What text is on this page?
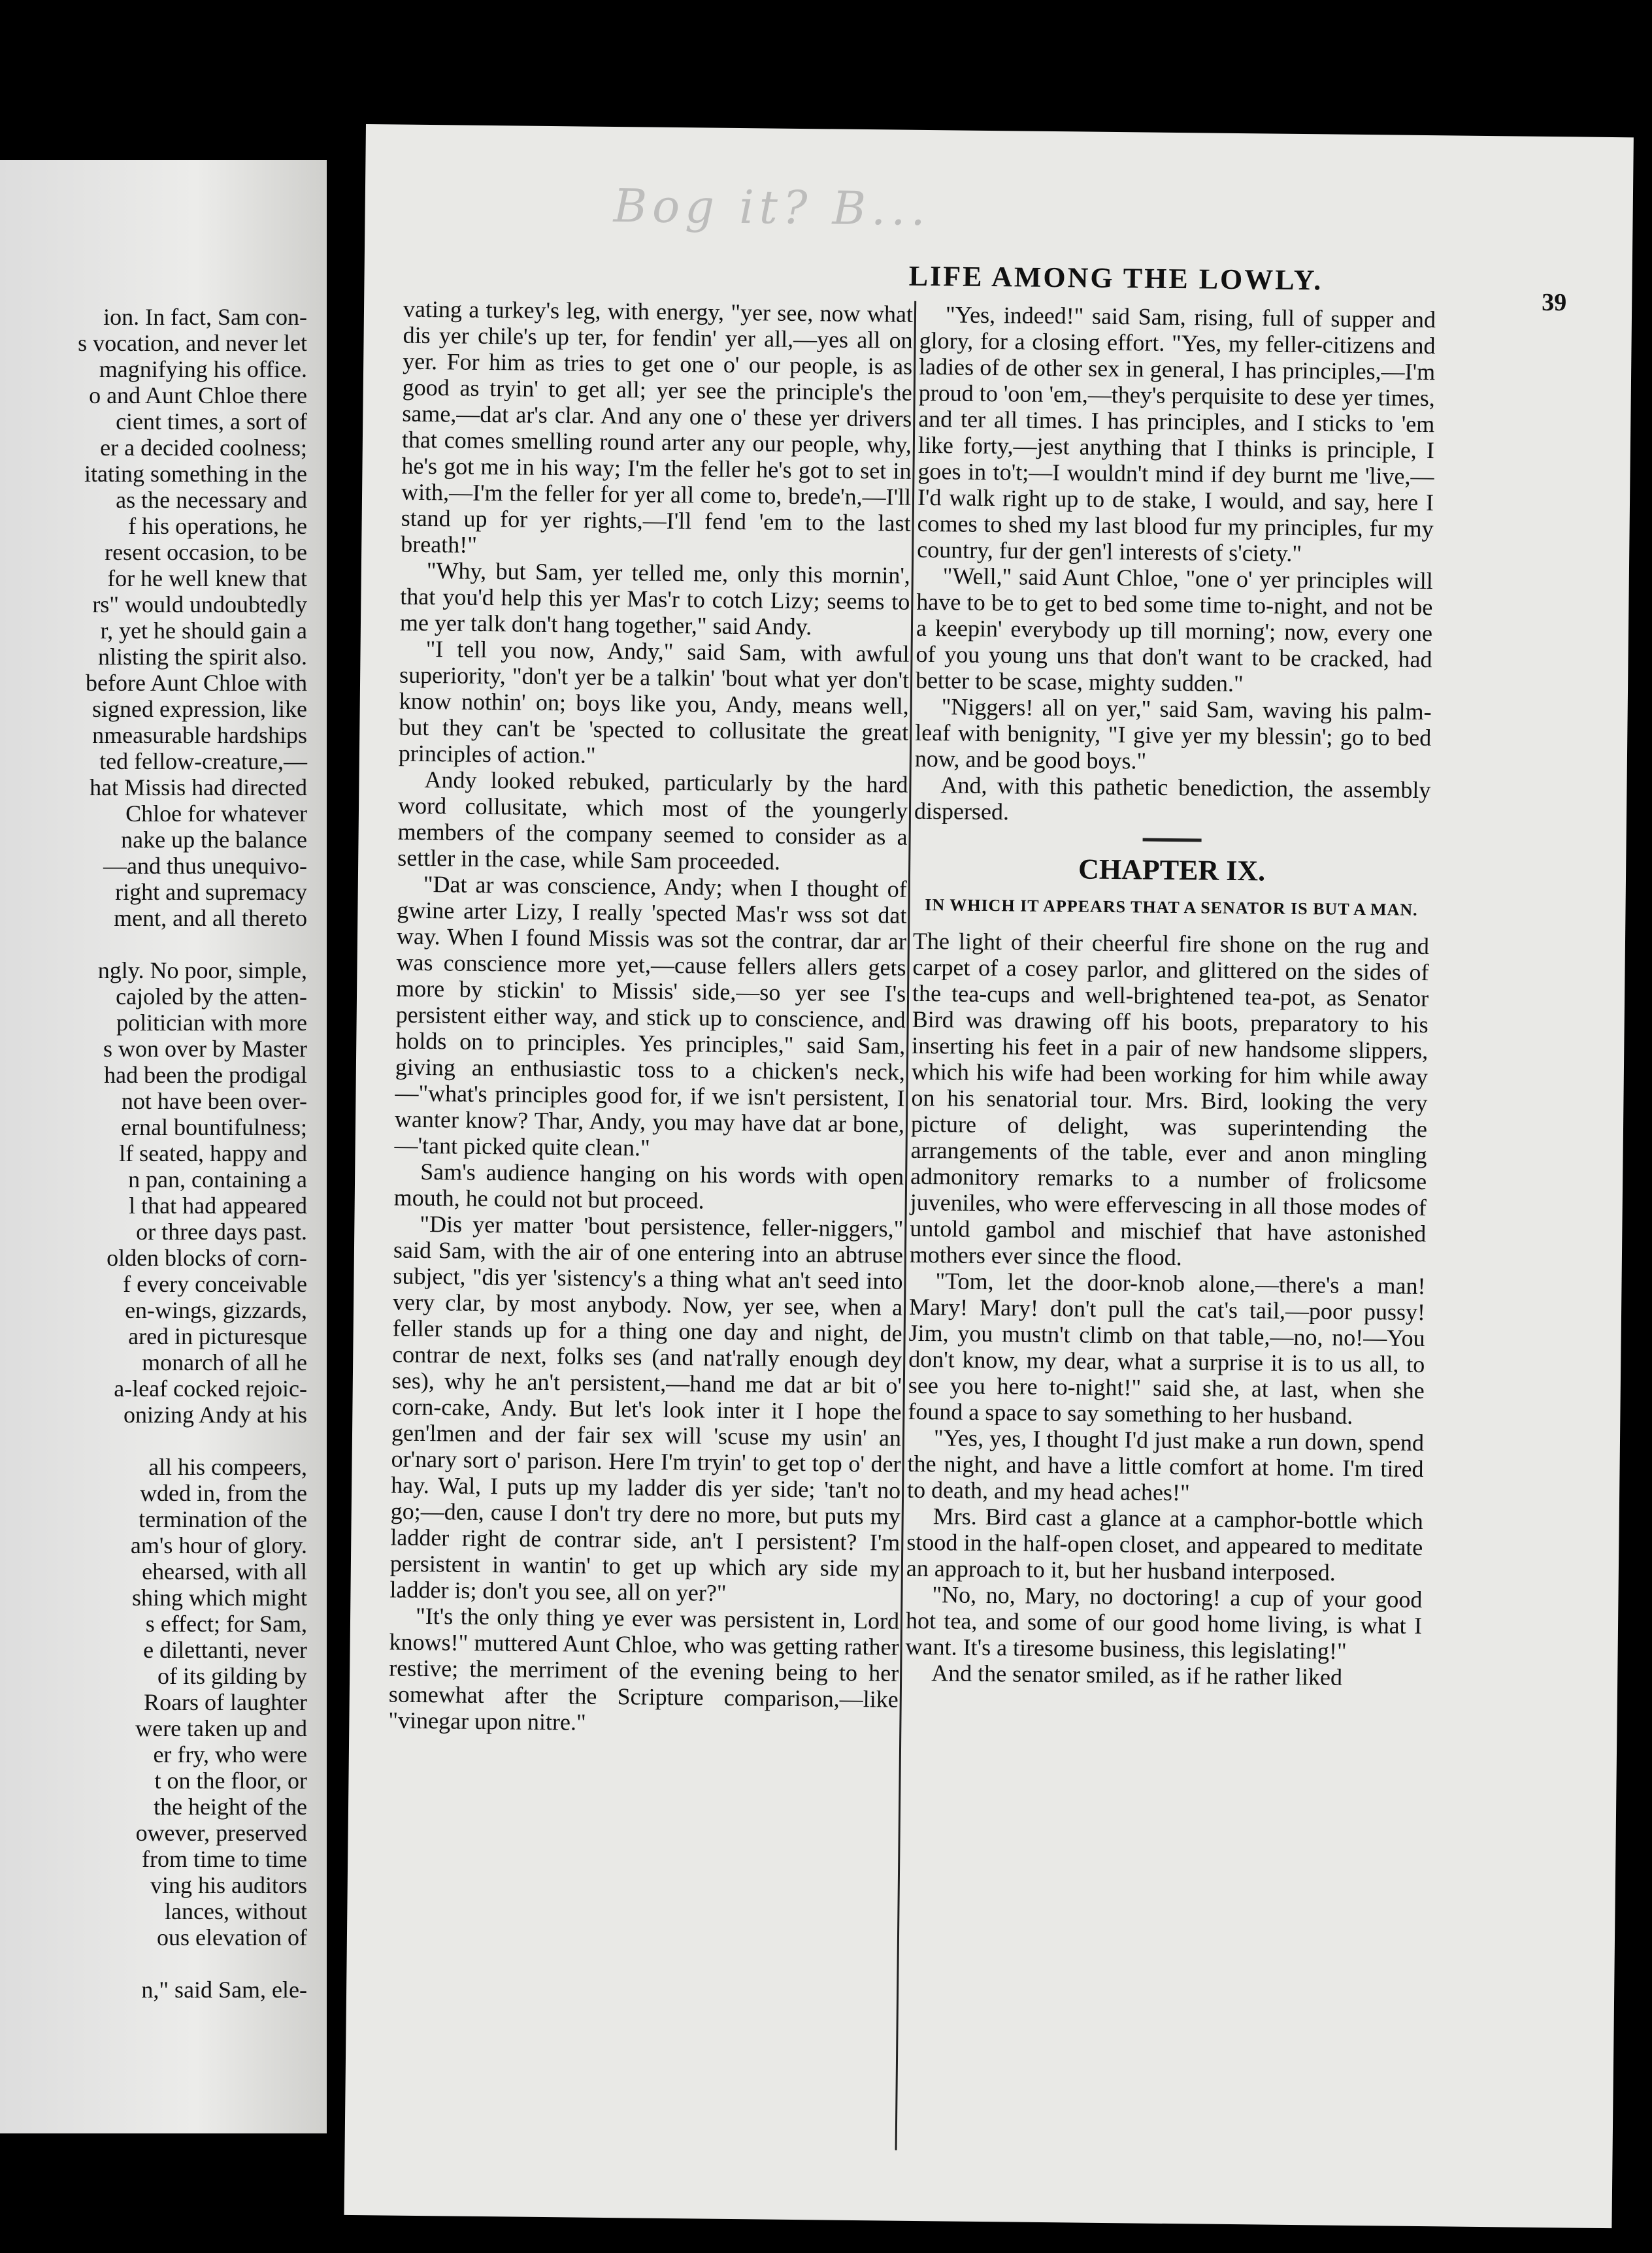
ion. In fact, Sam con-

s vocation, and never let

magnifying his office.

o and Aunt Chloe there

cient times, a sort of

er a decided coolness;

itating something in the

as the necessary and

f his operations, he

resent occasion, to be

for he well knew that

rs" would undoubtedly

r, yet he should gain a

nlisting the spirit also.

before Aunt Chloe with

signed expression, like

nmeasurable hardships

ted fellow-creature,—

hat Missis had directed

Chloe for whatever

nake up the balance

—and thus unequivo-

right and supremacy

ment, and all thereto

ngly. No poor, simple,

cajoled by the atten-

politician with more

s won over by Master

had been the prodigal

not have been over-

ernal bountifulness;

lf seated, happy and

n pan, containing a

l that had appeared

or three days past.

olden blocks of corn-

f every conceivable

en-wings, gizzards,

ared in picturesque

monarch of all he

a-leaf cocked rejoic-

onizing Andy at his

all his compeers,

wded in, from the

termination of the

am's hour of glory.

ehearsed, with all

shing which might

s effect; for Sam,

e dilettanti, never

of its gilding by

Roars of laughter

were taken up and

er fry, who were

t on the floor, or

the height of the

owever, preserved

from time to time

ving his auditors

lances, without

ous elevation of

n," said Sam, ele-

Bog it? B...
LIFE AMONG THE LOWLY.
39

vating a turkey's leg, with energy, "yer see, now what dis yer chile's up ter, for fendin' yer all,—yes all on yer. For him as tries to get one o' our people, is as good as tryin' to get all; yer see the principle's the same,—dat ar's clar. And any one o' these yer drivers that comes smelling round arter any our people, why, he's got me in his way; I'm the feller he's got to set in with,—I'm the feller for yer all come to, brede'n,—I'll stand up for yer rights,—I'll fend 'em to the last breath!"

"Why, but Sam, yer telled me, only this mornin', that you'd help this yer Mas'r to cotch Lizy; seems to me yer talk don't hang together," said Andy.

"I tell you now, Andy," said Sam, with awful superiority, "don't yer be a talkin' 'bout what yer don't know nothin' on; boys like you, Andy, means well, but they can't be 'spected to collusitate the great principles of action."

Andy looked rebuked, particularly by the hard word collusitate, which most of the youngerly members of the company seemed to consider as a settler in the case, while Sam proceeded.

"Dat ar was conscience, Andy; when I thought of gwine arter Lizy, I really 'spected Mas'r wss sot dat way. When I found Missis was sot the contrar, dar ar was conscience more yet,—cause fellers allers gets more by stickin' to Missis' side,—so yer see I's persistent either way, and stick up to conscience, and holds on to principles. Yes principles," said Sam, giving an enthusiastic toss to a chicken's neck,—"what's principles good for, if we isn't persistent, I wanter know? Thar, Andy, you may have dat ar bone,—'tant picked quite clean."

Sam's audience hanging on his words with open mouth, he could not but proceed.

"Dis yer matter 'bout persistence, feller-niggers," said Sam, with the air of one entering into an abtruse subject, "dis yer 'sistency's a thing what an't seed into very clar, by most anybody. Now, yer see, when a feller stands up for a thing one day and night, de contrar de next, folks ses (and nat'rally enough dey ses), why he an't persistent,—hand me dat ar bit o' corn-cake, Andy. But let's look inter it I hope the gen'lmen and der fair sex will 'scuse my usin' an or'nary sort o' parison. Here I'm tryin' to get top o' der hay. Wal, I puts up my ladder dis yer side; 'tan't no go;—den, cause I don't try dere no more, but puts my ladder right de contrar side, an't I persistent? I'm persistent in wantin' to get up which ary side my ladder is; don't you see, all on yer?"

"It's the only thing ye ever was persistent in, Lord knows!" muttered Aunt Chloe, who was getting rather restive; the merriment of the evening being to her somewhat after the Scripture comparison,—like "vinegar upon nitre."

"Yes, indeed!" said Sam, rising, full of supper and glory, for a closing effort. "Yes, my feller-citizens and ladies of de other sex in general, I has principles,—I'm proud to 'oon 'em,—they's perquisite to dese yer times, and ter all times. I has principles, and I sticks to 'em like forty,—jest anything that I thinks is principle, I goes in to't;—I wouldn't mind if dey burnt me 'live,—I'd walk right up to de stake, I would, and say, here I comes to shed my last blood fur my principles, fur my country, fur der gen'l interests of s'ciety."

"Well," said Aunt Chloe, "one o' yer principles will have to be to get to bed some time to-night, and not be a keepin' everybody up till morning'; now, every one of you young uns that don't want to be cracked, had better to be scase, mighty sudden."

"Niggers! all on yer," said Sam, waving his palm-leaf with benignity, "I give yer my blessin'; go to bed now, and be good boys."

And, with this pathetic benediction, the assembly dispersed.

CHAPTER IX.
IN WHICH IT APPEARS THAT A SENATOR IS BUT A MAN.

The light of their cheerful fire shone on the rug and carpet of a cosey parlor, and glittered on the sides of the tea-cups and well-brightened tea-pot, as Senator Bird was drawing off his boots, preparatory to his inserting his feet in a pair of new handsome slippers, which his wife had been working for him while away on his senatorial tour. Mrs. Bird, looking the very picture of delight, was superintending the arrangements of the table, ever and anon mingling admonitory remarks to a number of frolicsome juveniles, who were effervescing in all those modes of untold gambol and mischief that have astonished mothers ever since the flood.

"Tom, let the door-knob alone,—there's a man! Mary! Mary! don't pull the cat's tail,—poor pussy! Jim, you mustn't climb on that table,—no, no!—You don't know, my dear, what a surprise it is to us all, to see you here to-night!" said she, at last, when she found a space to say something to her husband.

"Yes, yes, I thought I'd just make a run down, spend the night, and have a little comfort at home. I'm tired to death, and my head aches!"

Mrs. Bird cast a glance at a camphor-bottle which stood in the half-open closet, and appeared to meditate an approach to it, but her husband interposed.

"No, no, Mary, no doctoring! a cup of your good hot tea, and some of our good home living, is what I want. It's a tiresome business, this legislating!"

And the senator smiled, as if he rather liked
